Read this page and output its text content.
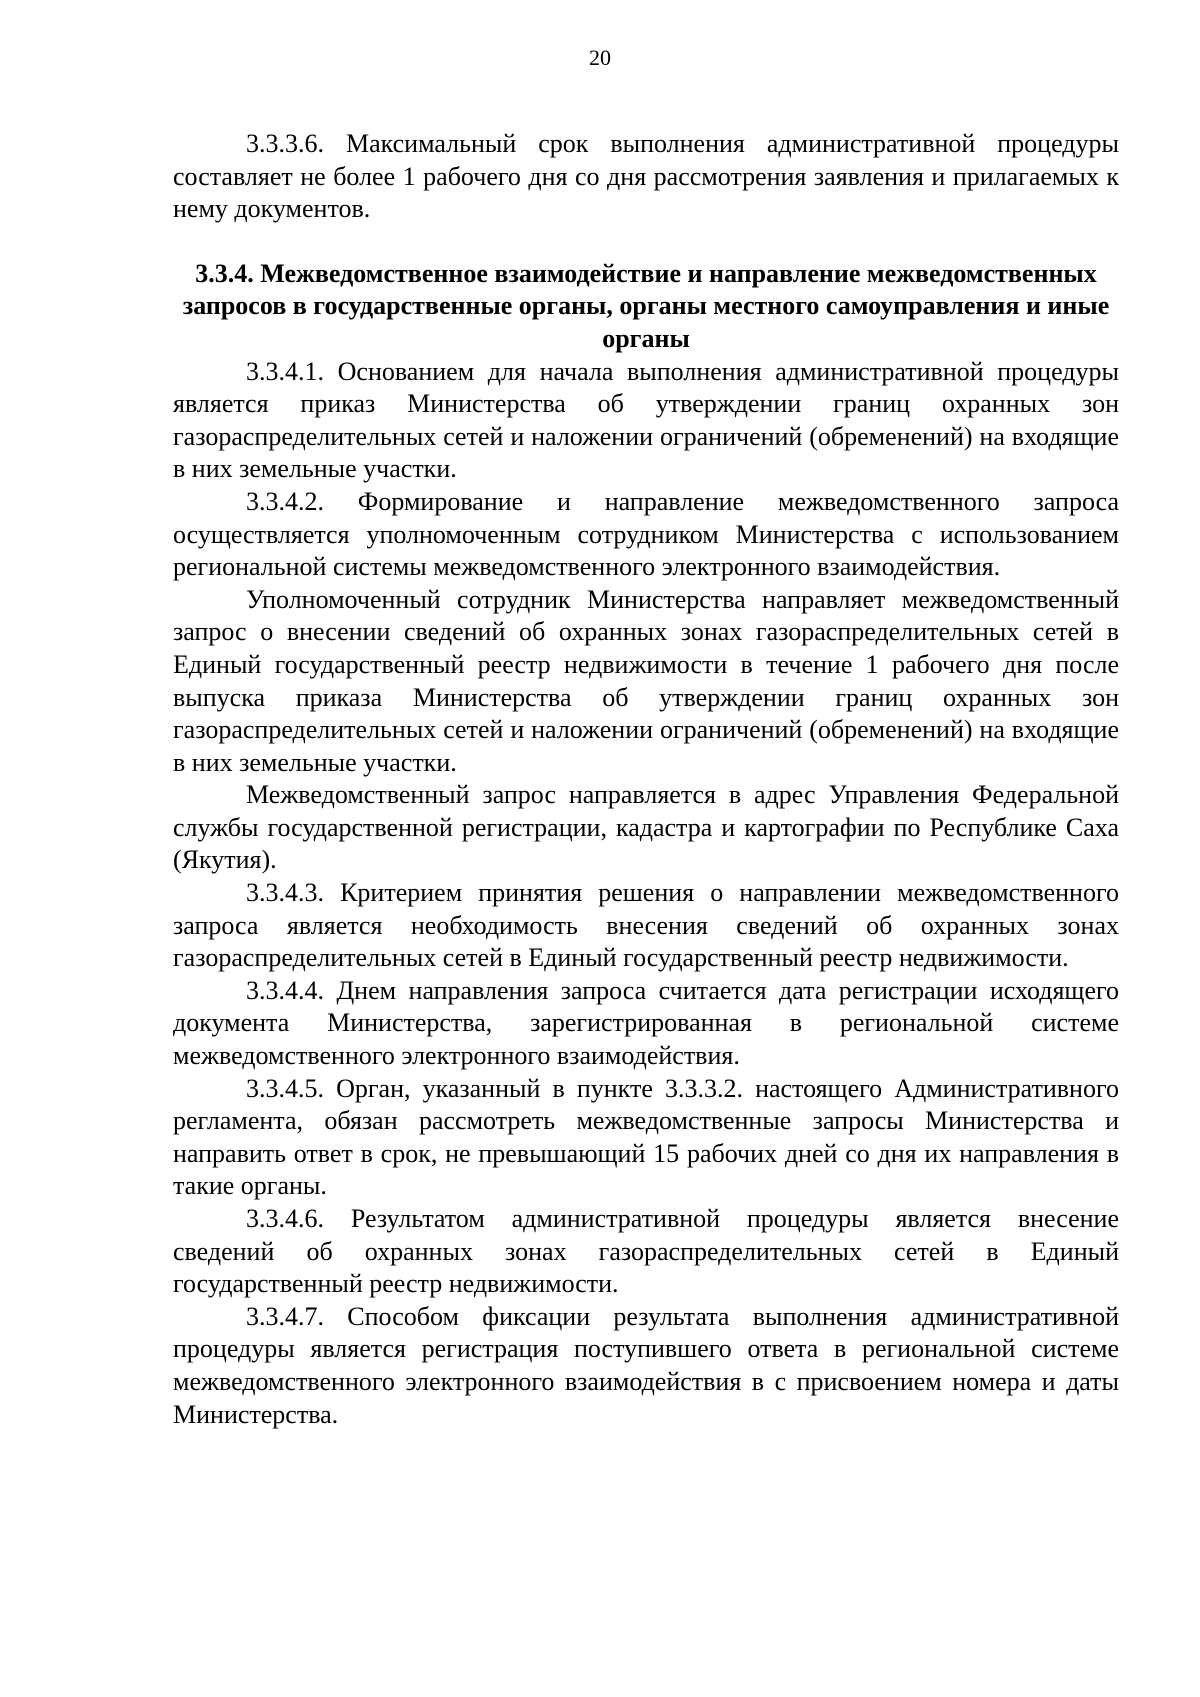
20

3.3.3.6. Максимальный срок выполнения административной процедуры составляет не более 1 рабочего дня со дня рассмотрения заявления и прилагаемых к нему документов.

3.3.4. Межведомственное взаимодействие и направление межведомственных запросов в государственные органы, органы местного самоуправления и иные органы

3.3.4.1. Основанием для начала выполнения административной процедуры является приказ Министерства об утверждении границ охранных зон газораспределительных сетей и наложении ограничений (обременений) на входящие в них земельные участки.

3.3.4.2. Формирование и направление межведомственного запроса осуществляется уполномоченным сотрудником Министерства с использованием региональной системы межведомственного электронного взаимодействия.

Уполномоченный сотрудник Министерства направляет межведомственный запрос о внесении сведений об охранных зонах газораспределительных сетей в Единый государственный реестр недвижимости в течение 1 рабочего дня после выпуска приказа Министерства об утверждении границ охранных зон газораспределительных сетей и наложении ограничений (обременений) на входящие в них земельные участки.

Межведомственный запрос направляется в адрес Управления Федеральной службы государственной регистрации, кадастра и картографии по Республике Саха (Якутия).

3.3.4.3. Критерием принятия решения о направлении межведомственного запроса является необходимость внесения сведений об охранных зонах газораспределительных сетей в Единый государственный реестр недвижимости.

3.3.4.4. Днем направления запроса считается дата регистрации исходящего документа Министерства, зарегистрированная в региональной системе межведомственного электронного взаимодействия.

3.3.4.5. Орган, указанный в пункте 3.3.3.2. настоящего Административного регламента, обязан рассмотреть межведомственные запросы Министерства и направить ответ в срок, не превышающий 15 рабочих дней со дня их направления в такие органы.

3.3.4.6. Результатом административной процедуры является внесение сведений об охранных зонах газораспределительных сетей в Единый государственный реестр недвижимости.

3.3.4.7. Способом фиксации результата выполнения административной процедуры является регистрация поступившего ответа в региональной системе межведомственного электронного взаимодействия в с присвоением номера и даты Министерства.
